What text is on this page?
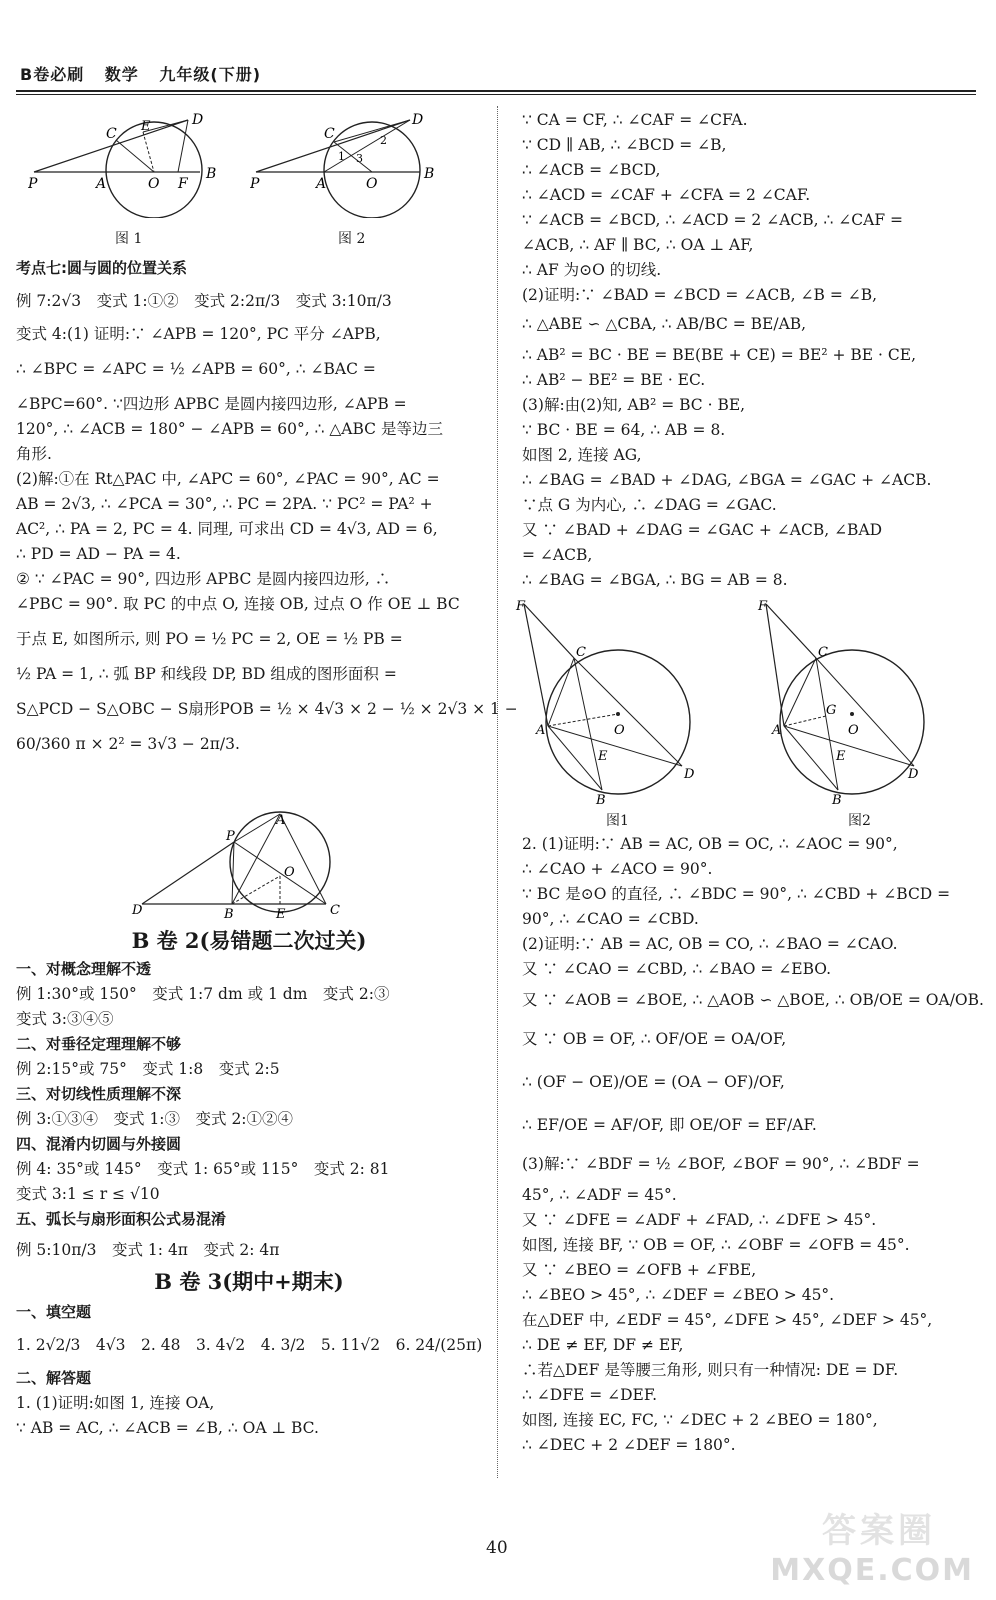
B卷必刷 数学 九年级(下册)
P	A
C E
O F
D
B
图 1
P	A
C
O
D
B
1
2
3
图 2

考点七:圆与圆的位置关系

例 7:2√3　变式 1:①②　变式 2:2π/3　变式 3:10π/3

变式 4:(1) 证明:∵ ∠APB = 120°, PC 平分 ∠APB,

∴ ∠BPC = ∠APC = ½ ∠APB = 60°, ∴ ∠BAC =

∠BPC=60°. ∵四边形 APBC 是圆内接四边形, ∠APB =

120°, ∴ ∠ACB = 180° − ∠APB = 60°, ∴ △ABC 是等边三

角形.

(2)解:①在 Rt△PAC 中, ∠APC = 60°, ∠PAC = 90°, AC =

AB = 2√3, ∴ ∠PCA = 30°, ∴ PC = 2PA. ∵ PC² = PA² +

AC², ∴ PA = 2, PC = 4. 同理, 可求出 CD = 4√3, AD = 6,

∴ PD = AD − PA = 4.

② ∵ ∠PAC = 90°, 四边形 APBC 是圆内接四边形, ∴

∠PBC = 90°. 取 PC 的中点 O, 连接 OB, 过点 O 作 OE ⊥ BC

于点 E, 如图所示, 则 PO = ½ PC = 2, OE = ½ PB =

½ PA = 1, ∴ 弧 BP 和线段 DP, BD 组成的图形面积 =

S△PCD − S△OBC − S扇形POB = ½ × 4√3 × 2 − ½ × 2√3 × 1 −

60/360 π × 2² = 3√3 − 2π/3.

A
P
O
D	B	E	C

B 卷 2(易错题二次过关)

一、对概念理解不透

例 1:30°或 150°　变式 1:7 dm 或 1 dm　变式 2:③

变式 3:③④⑤

二、对垂径定理理解不够

例 2:15°或 75°　变式 1:8　变式 2:5

三、对切线性质理解不深

例 3:①③④　变式 1:③　变式 2:①②④

四、混淆内切圆与外接圆

例 4: 35°或 145°　变式 1: 65°或 115°　变式 2: 81

变式 3:1 ≤ r ≤ √10

五、弧长与扇形面积公式易混淆

例 5:10π/3　变式 1: 4π　变式 2: 4π

B 卷 3(期中+期末)

一、填空题

1. 2√2/3　4√3　2. 48　3. 4√2　4. 3/2　5. 11√2　6. 24/(25π)

二、解答题

1. (1)证明:如图 1, 连接 OA,

∵ AB = AC, ∴ ∠ACB = ∠B, ∴ OA ⊥ BC.

∵ CA = CF, ∴ ∠CAF = ∠CFA.

∵ CD ∥ AB, ∴ ∠BCD = ∠B,

∴ ∠ACB = ∠BCD,

∴ ∠ACD = ∠CAF + ∠CFA = 2 ∠CAF.

∵ ∠ACB = ∠BCD, ∴ ∠ACD = 2 ∠ACB, ∴ ∠CAF =

∠ACB, ∴ AF ∥ BC, ∴ OA ⊥ AF,

∴ AF 为⊙O 的切线.

(2)证明:∵ ∠BAD = ∠BCD = ∠ACB, ∠B = ∠B,

∴ △ABE ∽ △CBA, ∴ AB/BC = BE/AB,

∴ AB² = BC · BE = BE(BE + CE) = BE² + BE · CE,

∴ AB² − BE² = BE · EC.

(3)解:由(2)知, AB² = BC · BE,

∵ BC · BE = 64, ∴ AB = 8.

如图 2, 连接 AG,

∴ ∠BAG = ∠BAD + ∠DAG, ∠BGA = ∠GAC + ∠ACB.

∵点 G 为内心, ∴ ∠DAG = ∠GAC.

又 ∵ ∠BAD + ∠DAG = ∠GAC + ∠ACB, ∠BAD

= ∠ACB,

∴ ∠BAG = ∠BGA, ∴ BG = AB = 8.

F
C
A	O
E
D
B
图1
F
C
A
G
O
E
D
B
图2

2. (1)证明:∵ AB = AC, OB = OC, ∴ ∠AOC = 90°,

∴ ∠CAO + ∠ACO = 90°.

∵ BC 是⊙O 的直径, ∴ ∠BDC = 90°, ∴ ∠CBD + ∠BCD =

90°, ∴ ∠CAO = ∠CBD.

(2)证明:∵ AB = AC, OB = CO, ∴ ∠BAO = ∠CAO.

又 ∵ ∠CAO = ∠CBD, ∴ ∠BAO = ∠EBO.

又 ∵ ∠AOB = ∠BOE, ∴ △AOB ∽ △BOE, ∴ OB/OE = OA/OB.

又 ∵ OB = OF, ∴ OF/OE = OA/OF,

∴ (OF − OE)/OE = (OA − OF)/OF,

∴ EF/OE = AF/OF, 即 OE/OF = EF/AF.

(3)解:∵ ∠BDF = ½ ∠BOF, ∠BOF = 90°, ∴ ∠BDF =

45°, ∴ ∠ADF = 45°.

又 ∵ ∠DFE = ∠ADF + ∠FAD, ∴ ∠DFE > 45°.

如图, 连接 BF, ∵ OB = OF, ∴ ∠OBF = ∠OFB = 45°.

又 ∵ ∠BEO = ∠OFB + ∠FBE,

∴ ∠BEO > 45°, ∴ ∠DEF = ∠BEO > 45°.

在△DEF 中, ∠EDF = 45°, ∠DFE > 45°, ∠DEF > 45°,

∴ DE ≠ EF, DF ≠ EF,

∴若△DEF 是等腰三角形, 则只有一种情况: DE = DF.

∴ ∠DFE = ∠DEF.

如图, 连接 EC, FC, ∵ ∠DEC + 2 ∠BEO = 180°,

∴ ∠DEC + 2 ∠DEF = 180°.

40	答案圈
MXQE.COM
